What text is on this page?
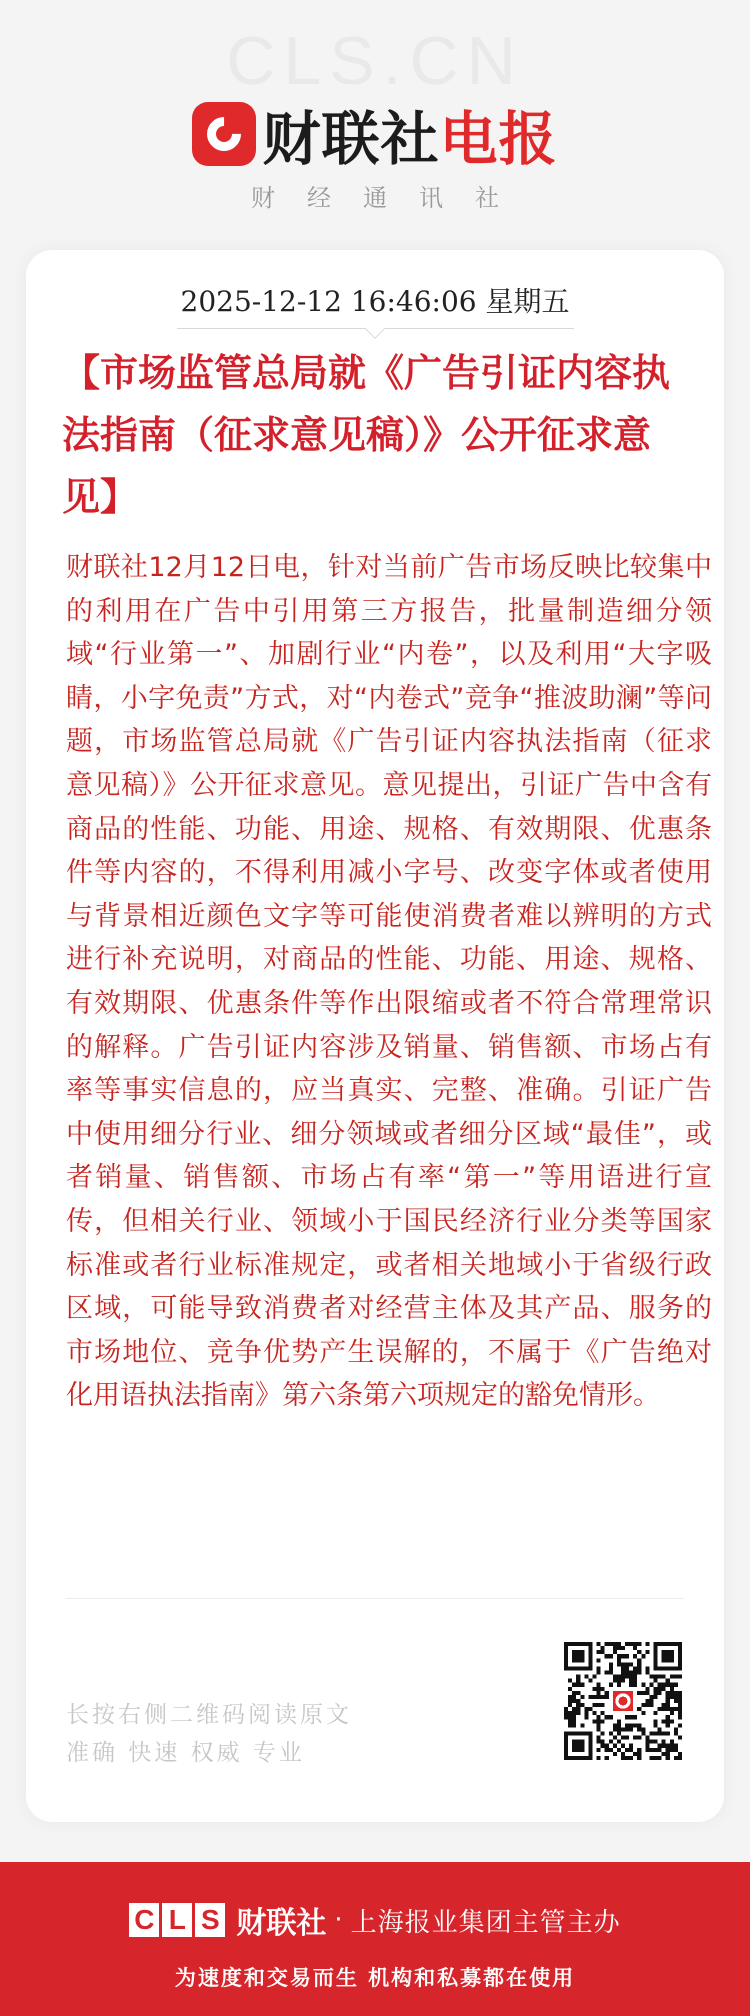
CLS.CN
财联社电报
财经通讯社
2025-12-12 16:46:06 星期五
【市场监管总局就《广告引证内容执法指南（征求意见稿）》公开征求意见】
财联社12月12日电，针对当前广告市场反映比较集中的利用在广告中引用第三方报告，批量制造细分领域“行业第一”、加剧行业“内卷”，以及利用“大字吸睛，小字免责”方式，对“内卷式”竞争“推波助澜”等问题，市场监管总局就《广告引证内容执法指南（征求意见稿）》公开征求意见。意见提出，引证广告中含有商品的性能、功能、用途、规格、有效期限、优惠条件等内容的，不得利用减小字号、改变字体或者使用与背景相近颜色文字等可能使消费者难以辨明的方式进行补充说明，对商品的性能、功能、用途、规格、有效期限、优惠条件等作出限缩或者不符合常理常识的解释。广告引证内容涉及销量、销售额、市场占有率等事实信息的，应当真实、完整、准确。引证广告中使用细分行业、细分领域或者细分区域“最佳”，或者销量、销售额、市场占有率“第一”等用语进行宣传，但相关行业、领域小于国民经济行业分类等国家标准或者行业标准规定，或者相关地域小于省级行政区域，可能导致消费者对经营主体及其产品、服务的市场地位、竞争优势产生误解的，不属于《广告绝对化用语执法指南》第六条第六项规定的豁免情形。
长按右侧二维码阅读原文
准确 快速 权威 专业
C L S 财联社 · 上海报业集团主管主办
为速度和交易而生 机构和私募都在使用
